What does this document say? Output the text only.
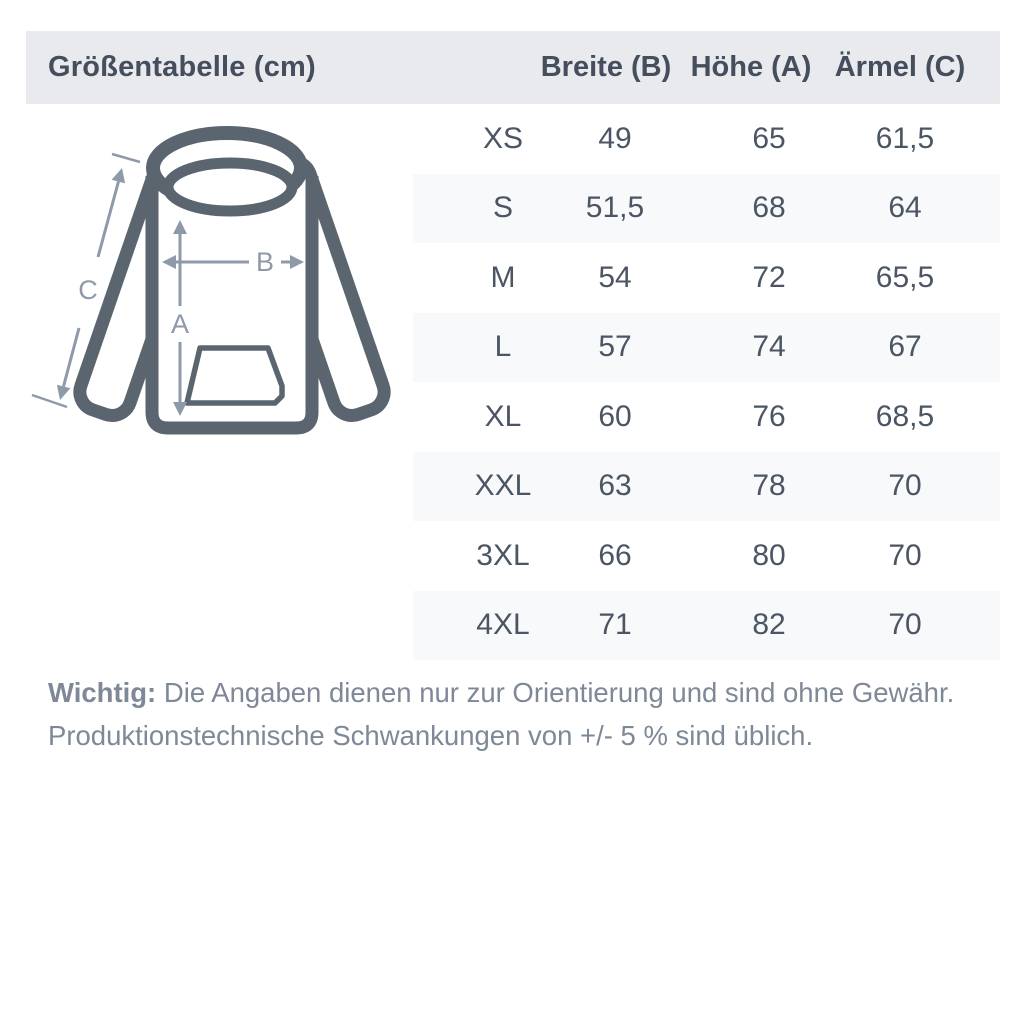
Größentabelle (cm)	Breite (B) Höhe (A) Ärmel (C)
XS	49	65	61,5
S 51,5	68	64
M	54	72	65,5
L	57	74	67
XL	60	76	68,5
XXL 63	78	70
3XL 66	80	70
4XL 71	82	70
A
B
C

Wichtig: Die Angaben dienen nur zur Orientierung und sind ohne Gewähr.
Produktionstechnische Schwankungen von +/- 5 % sind üblich.
